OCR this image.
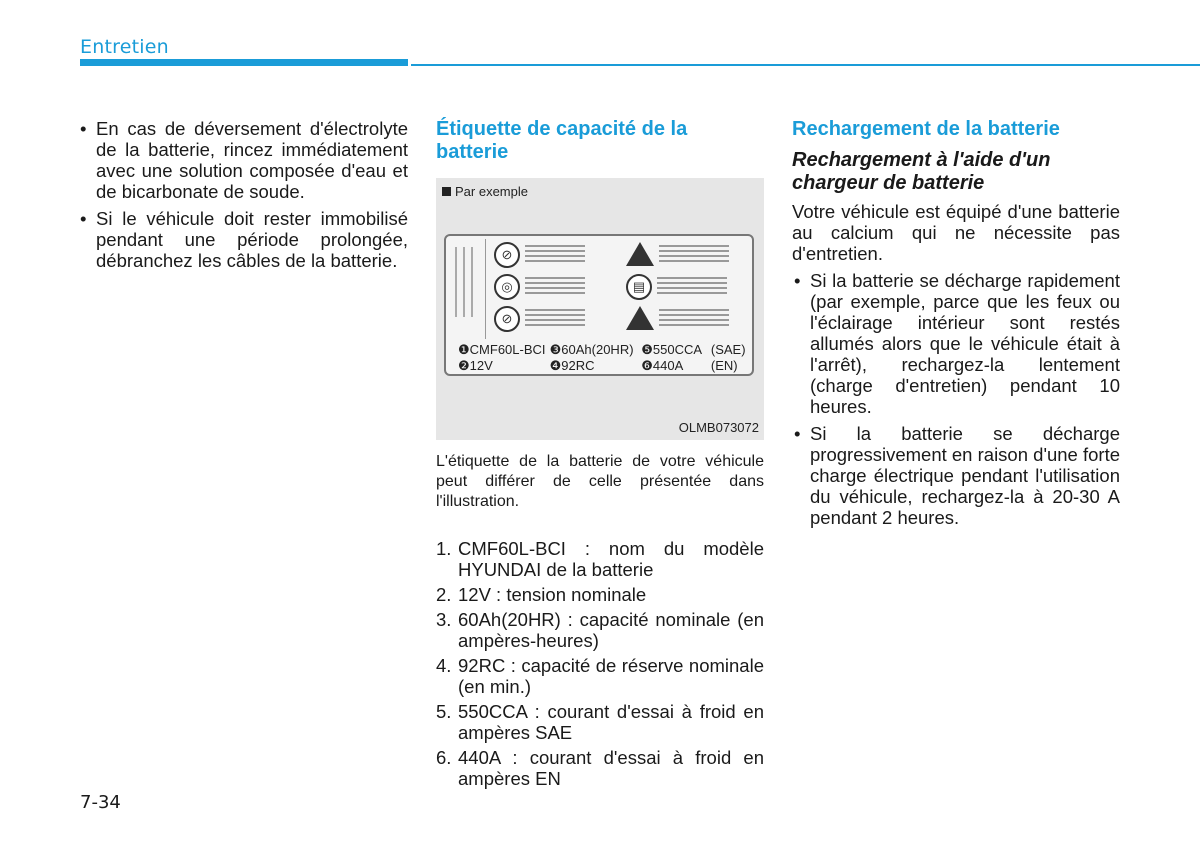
Entretien
• En cas de déversement d'électrolyte de la batterie, rincez immédiatement avec une solution composée d'eau et de bicarbonate de soude.
• Si le véhicule doit rester immobilisé pendant une période prolongée, débranchez les câbles de la batterie.
Étiquette de capacité de la batterie
Par exemple
⊘
◎
⊘
▤
❶CMF60L-BCI ❸60Ah(20HR) ❺550CCA (SAE)
❷12V	❹92RC	❻440A (EN)
OLMB073072
L'étiquette de la batterie de votre véhicule peut différer de celle présentée dans l'illustration.
1. CMF60L-BCI : nom du modèle HYUNDAI de la batterie
2. 12V : tension nominale
3. 60Ah(20HR) : capacité nominale (en ampères-heures)
4. 92RC : capacité de réserve nominale (en min.)
5. 550CCA : courant d'essai à froid en ampères SAE
6. 440A : courant d'essai à froid en ampères EN
Rechargement de la batterie
Rechargement à l'aide d'un chargeur de batterie
Votre véhicule est équipé d'une batterie au calcium qui ne nécessite pas d'entretien.
• Si la batterie se décharge rapidement (par exemple, parce que les feux ou l'éclairage intérieur sont restés allumés alors que le véhicule était à l'arrêt), rechargez-la lentement (charge d'entretien) pendant 10 heures.
• Si la batterie se décharge progressivement en raison d'une forte charge électrique pendant l'utilisation du véhicule, rechargez-la à 20-30 A pendant 2 heures.
7-34
